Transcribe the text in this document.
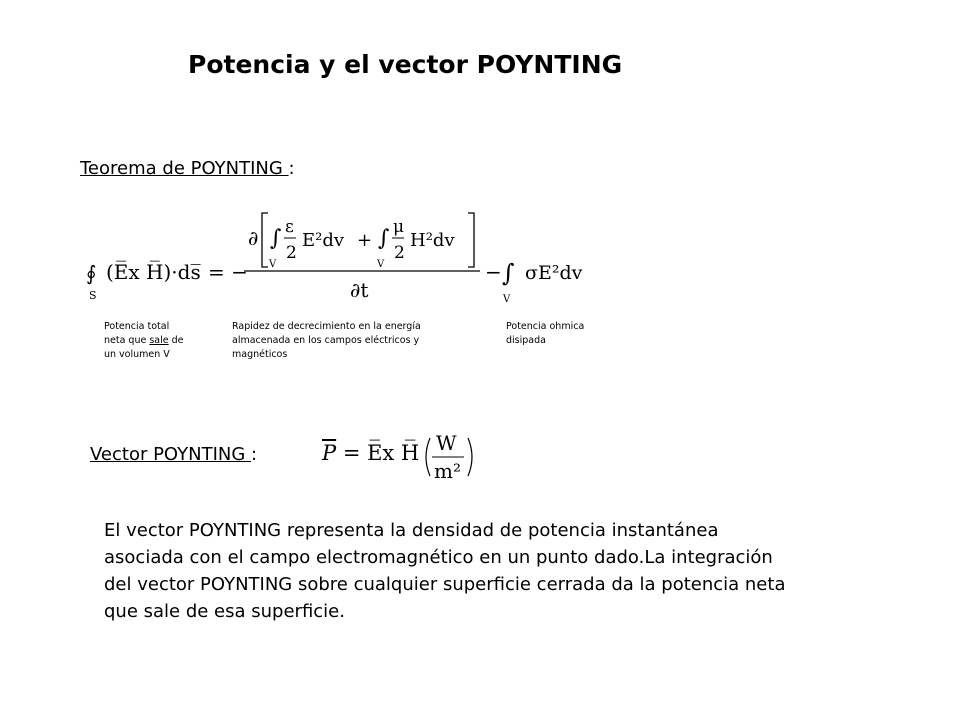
Potencia y el vector POYNTING
Teorema de POYNTING :
∮
S
(E̅x H̅)·ds̅ = −
∂ ∫
V
ε
2
E²dv + ∫
V
μ
2
H²dv
∂t
− ∫
V
σE²dv
Potencia total
neta que sale de
un volumen V
Rapidez de decrecimiento en la energía
almacenada en los campos eléctricos y
magnéticos
Potencia ohmica
disipada
Vector POYNTING :	$\overline{P}$ = E̅x H̅ W
m²
El vector POYNTING representa la densidad de potencia instantánea
asociada con el campo electromagnético en un punto dado.La integración
del vector POYNTING sobre cualquier superficie cerrada da la potencia neta
que sale de esa superficie.
